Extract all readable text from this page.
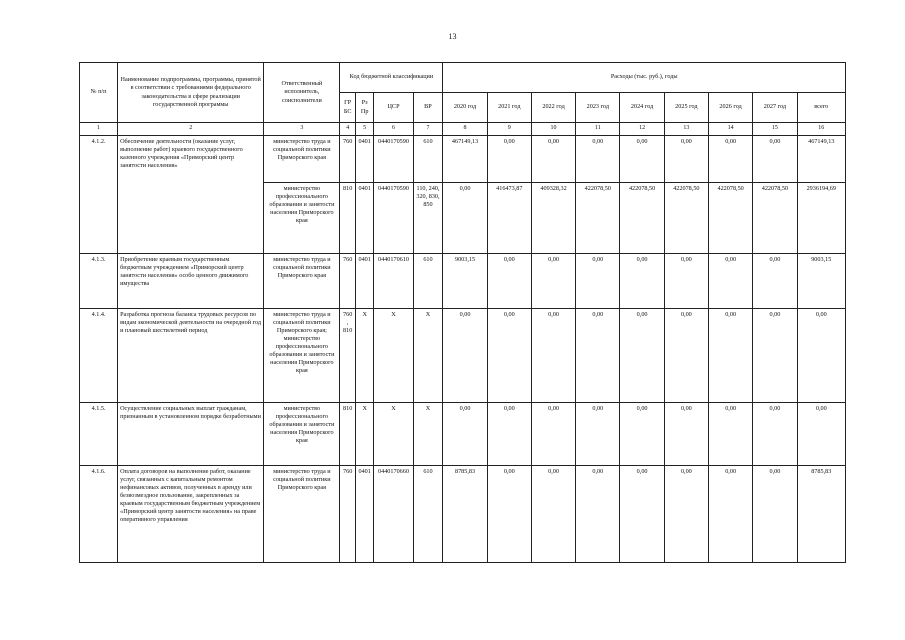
13
№ п/п	Наименование подпрограммы, программы, принятой в соответствии с требованиями федерального законодательства в сфере реализации государственной программы	Ответственный исполнитель, соисполнители	Код бюджетной классификации				Расходы (тыс. руб.), годы								
			ГРБС	Рз Пр	ЦСР	ВР	2020 год	2021 год	2022 год	2023 год	2024 год	2025 год	2026 год	2027 год	всего
1	2	3	4	5	6	7	8	9	10	11	12	13	14	15	16
4.1.2.	Обеспечение деятельности (оказание услуг, выполнение работ) краевого государственного казенного учреждения «Приморский центр занятости населения»	министерство труда и социальной политики Приморского края	760	0401	0440170590	610	467149,13	0,00	0,00	0,00	0,00	0,00	0,00	0,00	467149,13
		министерство профессионального образования и занятости населения Приморского края	810	0401	0440170590	110, 240, 320, 830, 850	0,00	416473,87	409328,32	422078,50	422078,50	422078,50	422078,50	422078,50	2936194,69
4.1.3.	Приобретение краевым государственным бюджетным учреждением «Приморский центр занятости населения» особо ценного движимого имущества	министерство труда и социальной политики Приморского края	760	0401	0440170610	610	9003,15	0,00	0,00	0,00	0,00	0,00	0,00	0,00	9003,15
4.1.4.	Разработка прогноза баланса трудовых ресурсов по видам экономической деятельности на очередной год и плановый шестилетний период	министерство труда и социальной политики Приморского края; министерство профессионального образования и занятости населения Приморского края	760, 810	X	X	X	0,00	0,00	0,00	0,00	0,00	0,00	0,00	0,00	0,00
4.1.5.	Осуществление социальных выплат гражданам, признанным в установленном порядке безработными	министерство профессионального образования и занятости населения Приморского края	810	X	X	X	0,00	0,00	0,00	0,00	0,00	0,00	0,00	0,00	0,00
4.1.6.	Оплата договоров на выполнение работ, оказание услуг, связанных с капитальным ремонтом нефинансовых активов, полученных в аренду или безвозмездное пользование, закрепленных за краевым государственным бюджетным учреждением «Приморский центр занятости населения» на праве оперативного управления	министерство труда и социальной политики Приморского края	760	0401	0440170660	610	8785,83	0,00	0,00	0,00	0,00	0,00	0,00	0,00	8785,83
